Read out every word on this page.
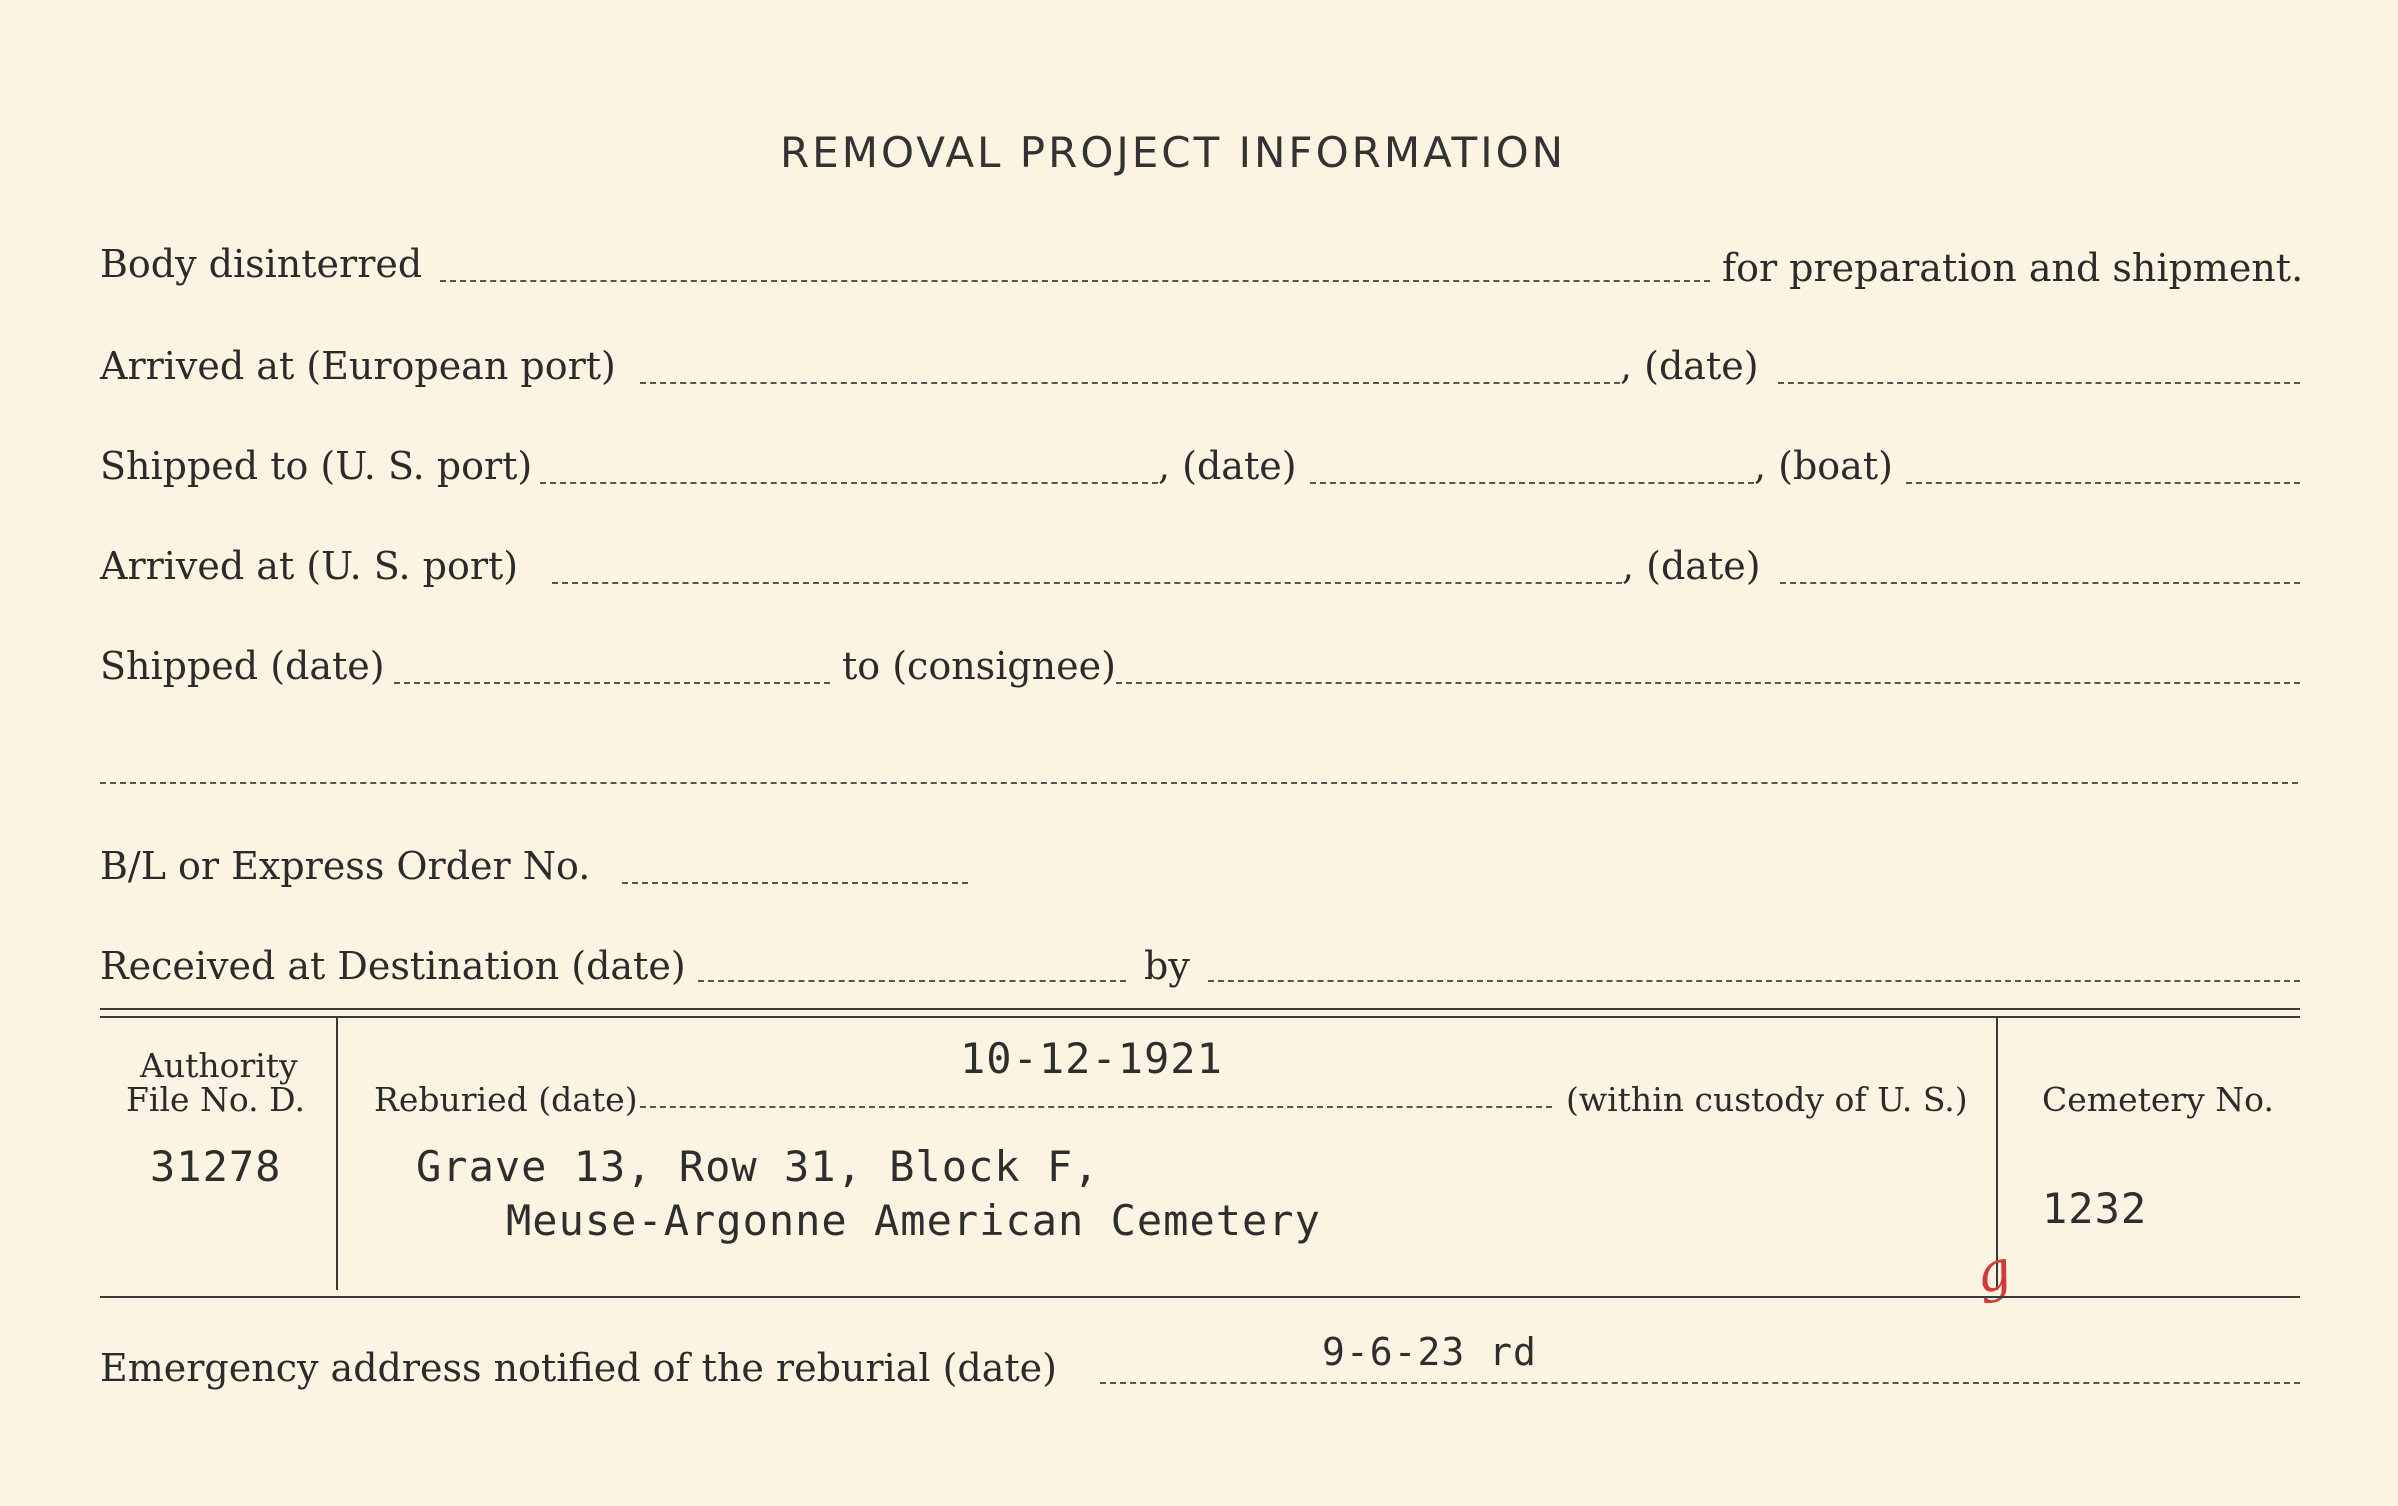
REMOVAL PROJECT INFORMATION
Body disinterred	for preparation and shipment.
Arrived at (European port)	, (date)
Shipped to (U. S. port)	, (date)	, (boat)
Arrived at (U. S. port)	, (date)
Shipped (date)	to (consignee)
B/L or Express Order No.
Received at Destination (date)	by
Authority
File No. D.
31278
10-12-1921
Reburied (date)	(within custody of U. S.)
Grave 13, Row 31, Block F,
Meuse-Argonne American Cemetery
Cemetery No.
1232
g
Emergency address notified of the reburial (date)	9-6-23 rd
